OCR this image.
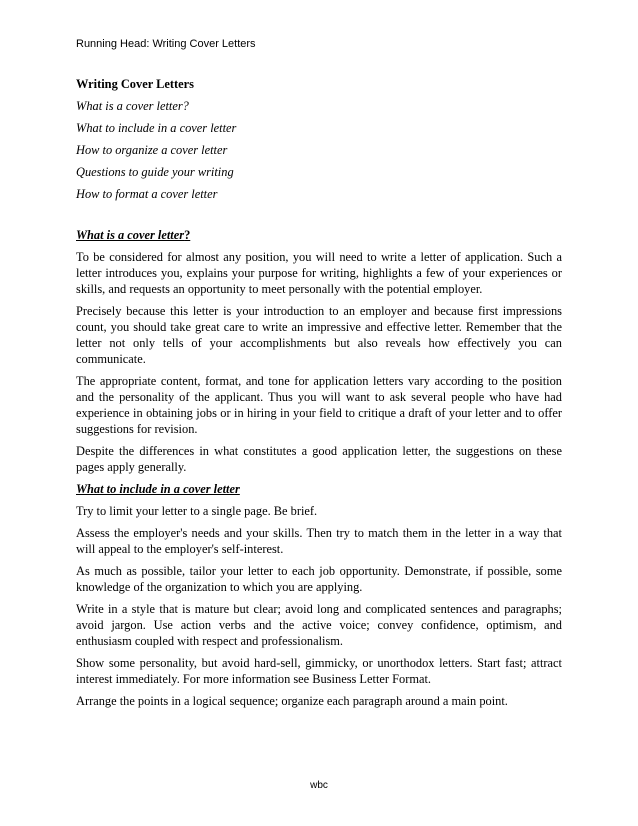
Running Head: Writing Cover Letters
Writing Cover Letters
What is a cover letter?
What to include in a cover letter
How to organize a cover letter
Questions to guide your writing
How to format a cover letter
What is a cover letter?

To be considered for almost any position, you will need to write a letter of application. Such a letter introduces you, explains your purpose for writing, highlights a few of your experiences or skills, and requests an opportunity to meet personally with the potential employer.

Precisely because this letter is your introduction to an employer and because first impressions count, you should take great care to write an impressive and effective letter. Remember that the letter not only tells of your accomplishments but also reveals how effectively you can communicate.

The appropriate content, format, and tone for application letters vary according to the position and the personality of the applicant. Thus you will want to ask several people who have had experience in obtaining jobs or in hiring in your field to critique a draft of your letter and to offer suggestions for revision.

Despite the differences in what constitutes a good application letter, the suggestions on these pages apply generally.

What to include in a cover letter

Try to limit your letter to a single page. Be brief.

Assess the employer's needs and your skills. Then try to match them in the letter in a way that will appeal to the employer's self-interest.

As much as possible, tailor your letter to each job opportunity. Demonstrate, if possible, some knowledge of the organization to which you are applying.

Write in a style that is mature but clear; avoid long and complicated sentences and paragraphs; avoid jargon. Use action verbs and the active voice; convey confidence, optimism, and enthusiasm coupled with respect and professionalism.

Show some personality, but avoid hard-sell, gimmicky, or unorthodox letters. Start fast; attract interest immediately. For more information see Business Letter Format.

Arrange the points in a logical sequence; organize each paragraph around a main point.

wbc
